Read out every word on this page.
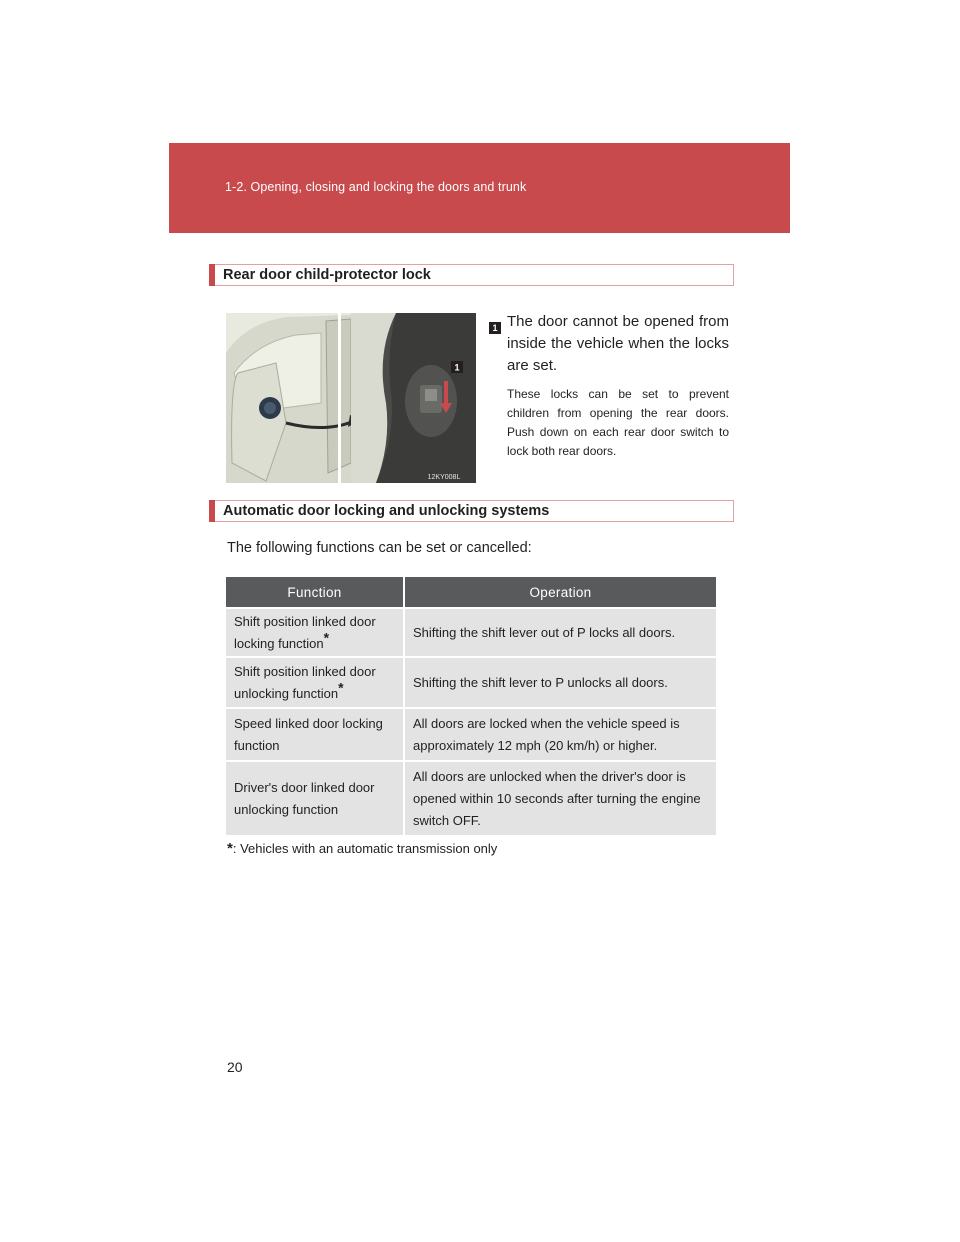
1-2. Opening, closing and locking the doors and trunk
Rear door child-protector lock
1
12KY008L
1 The door cannot be opened from inside the vehicle when the locks are set.
These locks can be set to prevent children from opening the rear doors. Push down on each rear door switch to lock both rear doors.
Automatic door locking and unlocking systems
The following functions can be set or cancelled:
Function	Operation
Shift position linked door locking function*	Shifting the shift lever out of P locks all doors.
Shift position linked door unlocking function*	Shifting the shift lever to P unlocks all doors.
Speed linked door locking function	All doors are locked when the vehicle speed is approximately 12 mph (20 km/h) or higher.
Driver's door linked door unlocking function	All doors are unlocked when the driver's door is opened within 10 seconds after turning the engine switch OFF.
*: Vehicles with an automatic transmission only
20
